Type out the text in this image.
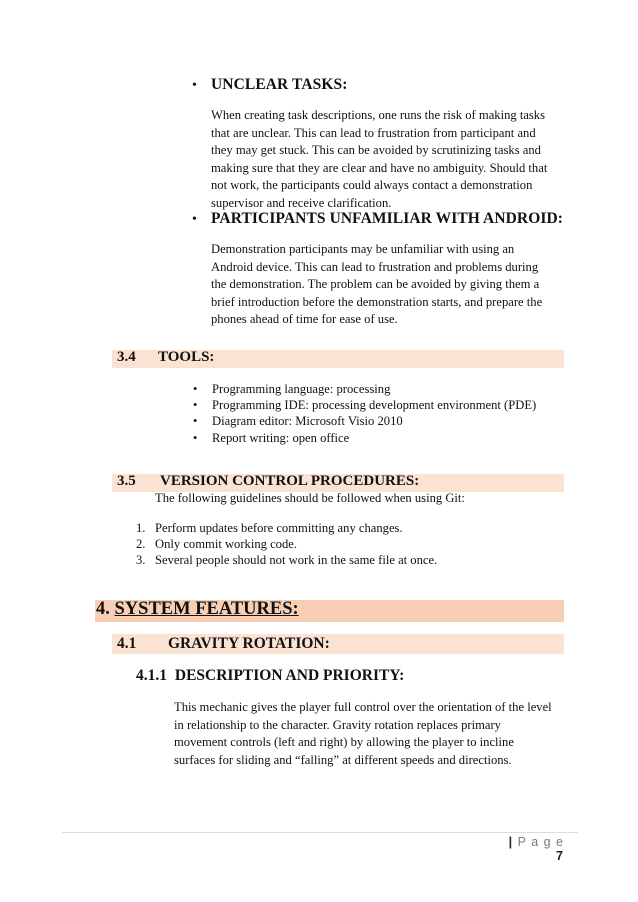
• UNCLEAR TASKS:
When creating task descriptions, one runs the risk of making tasks
that are unclear. This can lead to frustration from participant and
they may get stuck. This can be avoided by scrutinizing tasks and
making sure that they are clear and have no ambiguity. Should that
not work, the participants could always contact a demonstration
supervisor and receive clarification.
• PARTICIPANTS UNFAMILIAR WITH ANDROID:
Demonstration participants may be unfamiliar with using an
Android device. This can lead to frustration and problems during
the demonstration. The problem can be avoided by giving them a
brief introduction before the demonstration starts, and prepare the
phones ahead of time for ease of use.
3.4 TOOLS:
• Programming language: processing
• Programming IDE: processing development environment (PDE)
• Diagram editor: Microsoft Visio 2010
• Report writing: open office
3.5 VERSION CONTROL PROCEDURES:
The following guidelines should be followed when using Git:
1. Perform updates before committing any changes.
2. Only commit working code.
3. Several people should not work in the same file at once.
4. SYSTEM FEATURES:
4.1 GRAVITY ROTATION:
4.1.1 DESCRIPTION AND PRIORITY:
This mechanic gives the player full control over the orientation of the level
in relationship to the character. Gravity rotation replaces primary
movement controls (left and right) by allowing the player to incline
surfaces for sliding and “falling” at different speeds and directions.
| P a g e 7
